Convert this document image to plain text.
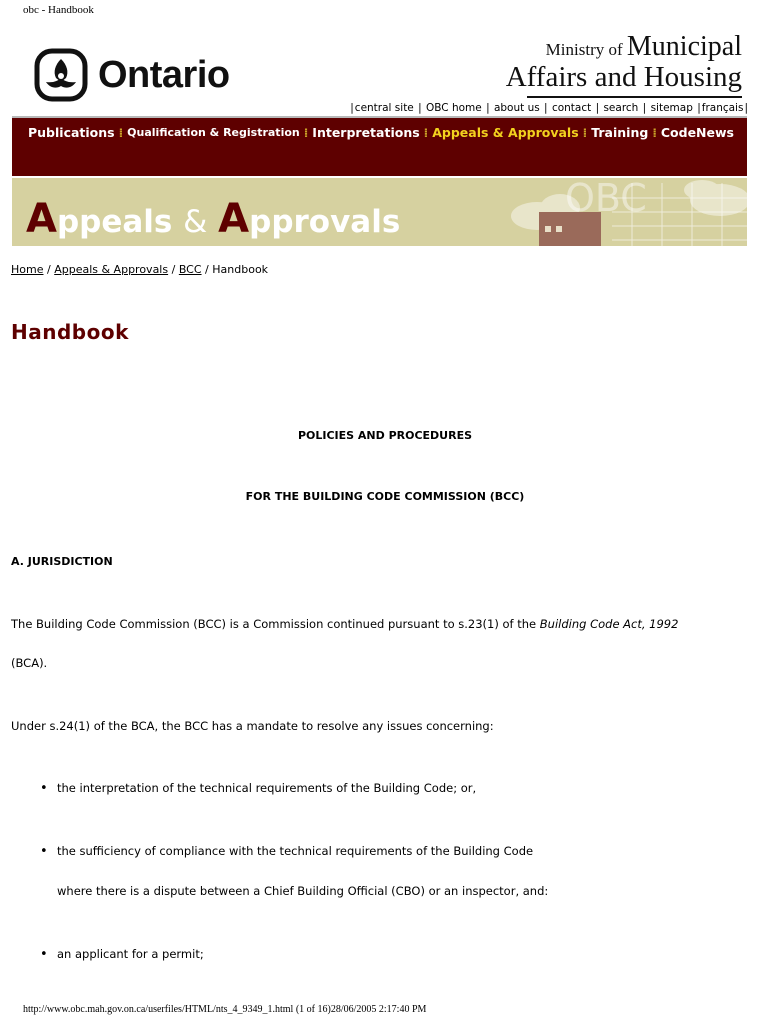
obc - Handbook
Ontario
Ministry of Municipal
Affairs and Housing
|central site | OBC home | about us | contact | search | sitemap |français|
Publications ⁞ Qualification & Registration ⁞ Interpretations ⁞ Appeals & Approvals ⁞ Training ⁞ CodeNews
OBC
Appeals & Approvals
Home / Appeals & Approvals / BCC / Handbook
Handbook
POLICIES AND PROCEDURES
FOR THE BUILDING CODE COMMISSION (BCC)
A. JURISDICTION
The Building Code Commission (BCC) is a Commission continued pursuant to s.23(1) of the Building Code Act, 1992
(BCA).
Under s.24(1) of the BCA, the BCC has a mandate to resolve any issues concerning:
• the interpretation of the technical requirements of the Building Code; or,
• the sufficiency of compliance with the technical requirements of the Building Code
where there is a dispute between a Chief Building Official (CBO) or an inspector, and:
• an applicant for a permit;
http://www.obc.mah.gov.on.ca/userfiles/HTML/nts_4_9349_1.html (1 of 16)28/06/2005 2:17:40 PM
